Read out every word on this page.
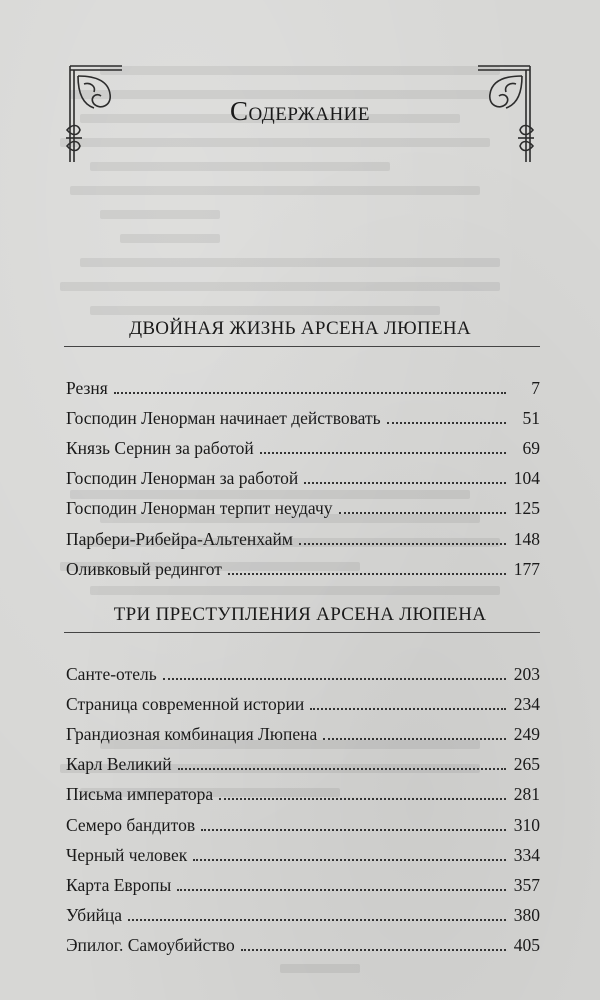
Содержание
ДВОЙНАЯ ЖИЗНЬ АРСЕНА ЛЮПЕНА
Резня	7
Господин Ленорман начинает действовать	51
Князь Сернин за работой	69
Господин Ленорман за работой	104
Господин Ленорман терпит неудачу	125
Парбери-Рибейра-Альтенхайм	148
Оливковый редингот	177
ТРИ ПРЕСТУПЛЕНИЯ АРСЕНА ЛЮПЕНА
Санте-отель	203
Страница современной истории	234
Грандиозная комбинация Люпена	249
Карл Великий	265
Письма императора	281
Семеро бандитов	310
Черный человек	334
Карта Европы	357
Убийца	380
Эпилог. Самоубийство	405
